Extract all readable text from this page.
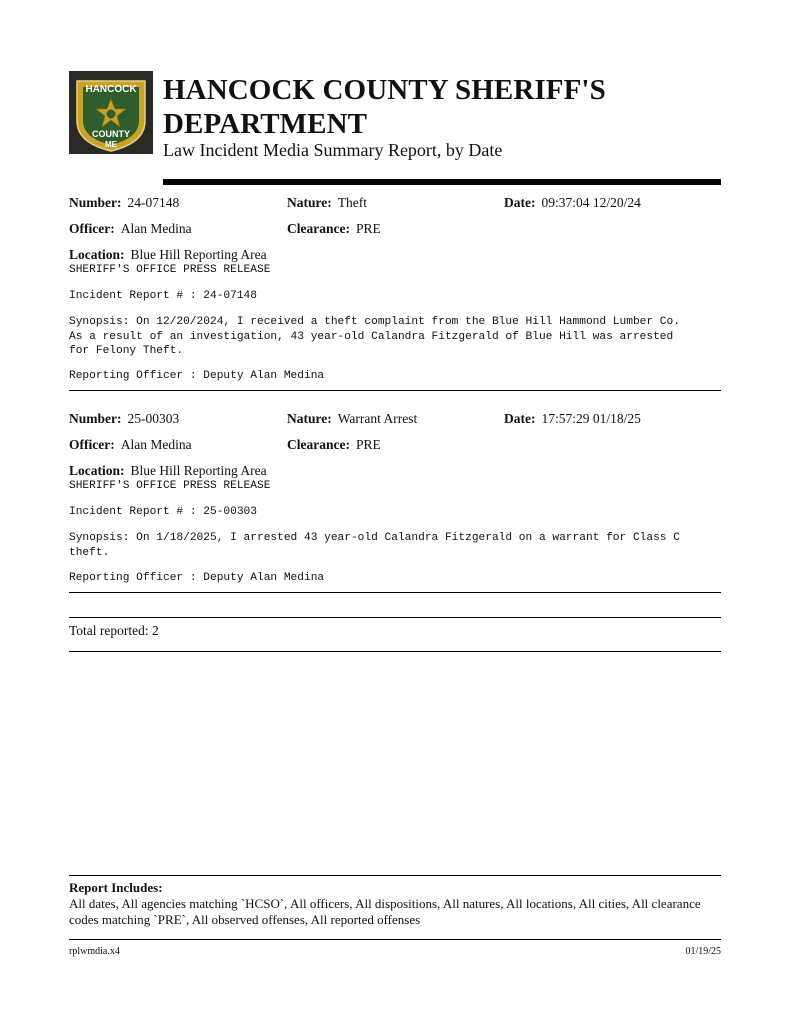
HANCOCK
COUNTY
ME
HANCOCK COUNTY SHERIFF'S
DEPARTMENT
Law Incident Media Summary Report, by Date
Number: 24-07148	Nature: Theft	Date: 09:37:04 12/20/24
Officer: Alan Medina	Clearance: PRE
Location: Blue Hill Reporting Area
SHERIFF'S OFFICE PRESS RELEASE
Incident Report # : 24-07148
Synopsis: On 12/20/2024, I received a theft complaint from the Blue Hill Hammond Lumber Co.
As a result of an investigation, 43 year-old Calandra Fitzgerald of Blue Hill was arrested
for Felony Theft.
Reporting Officer : Deputy Alan Medina
Number: 25-00303	Nature: Warrant Arrest	Date: 17:57:29 01/18/25
Officer: Alan Medina	Clearance: PRE
Location: Blue Hill Reporting Area
SHERIFF'S OFFICE PRESS RELEASE
Incident Report # : 25-00303
Synopsis: On 1/18/2025, I arrested 43 year-old Calandra Fitzgerald on a warrant for Class C
theft.
Reporting Officer : Deputy Alan Medina
Total reported: 2
Report Includes:
All dates, All agencies matching `HCSO`, All officers, All dispositions, All natures, All locations, All cities, All clearance codes matching `PRE`, All observed offenses, All reported offenses
rplwmdia.x4	01/19/25
